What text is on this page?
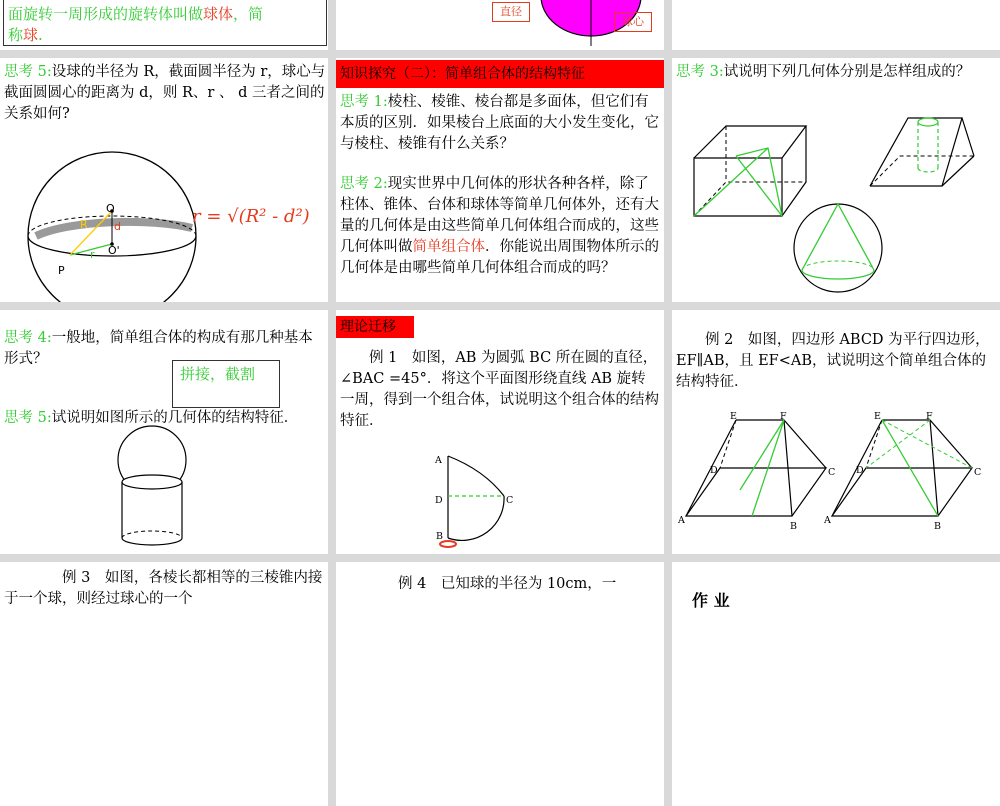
面旋转一周形成的旋转体叫做球体，简
称球.
直径
球心
思考 5:设球的半径为 R，截面圆半径为 r，球心与截面圆圆心的距离为 d，则 R、r 、 d 三者之间的关系如何?
O
O'
P
R d
r
r = √(R² - d²)
知识探究（二）：简单组合体的结构特征
思考 1:棱柱、棱锥、棱台都是多面体，但它们有本质的区别．如果棱台上底面的大小发生变化，它与棱柱、棱锥有什么关系？
思考 2:现实世界中几何体的形状各种各样，除了柱体、锥体、台体和球体等简单几何体外，还有大量的几何体是由这些简单几何体组合而成的，这些几何体叫做简单组合体．你能说出周围物体所示的几何体是由哪些简单几何体组合而成的吗？
思考 3:试说明下列几何体分别是怎样组成的？
思考 4:一般地，简单组合体的构成有那几种基本形式？
拼接，截割
思考 5:试说明如图所示的几何体的结构特征．
理论迁移
例 1　如图，AB 为圆弧 BC 所在圆的直径，∠BAC =45°．将这个平面图形绕直线 AB 旋转一周，得到一个组合体，试说明这个组合体的结构特征．
A
D	C
B
例 2　如图，四边形 ABCD 为平行四边形， EF∥AB，且 EF<AB，试说明这个简单组合体的结构特征．
E	F
D	C
A
B
E	F
D	C
A
B
例 3　如图，各棱长都相等的三棱锥内接于一个球，则经过球心的一个
例 4　已知球的半径为 10cm，一
作 业
